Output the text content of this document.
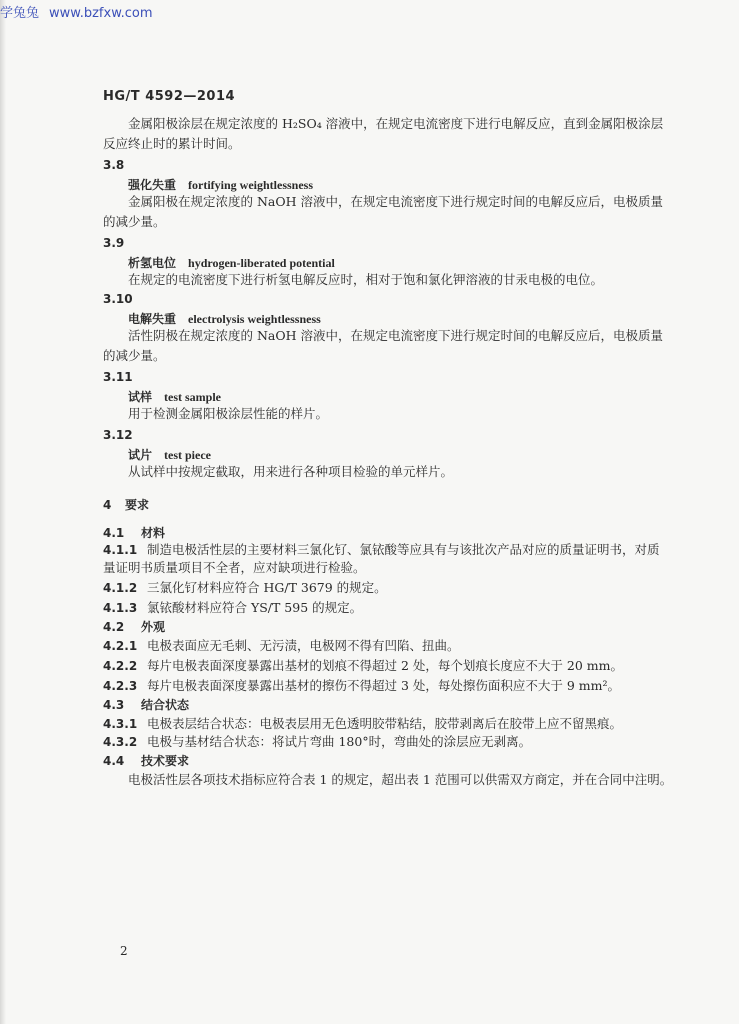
学兔兔 www.bzfxw.com
HG/T 4592—2014
金属阳极涂层在规定浓度的 H₂SO₄ 溶液中，在规定电流密度下进行电解反应，直到金属阳极涂层
反应终止时的累计时间。
3.8
强化失重 fortifying weightlessness
金属阳极在规定浓度的 NaOH 溶液中，在规定电流密度下进行规定时间的电解反应后，电极质量
的减少量。
3.9
析氢电位 hydrogen-liberated potential
在规定的电流密度下进行析氢电解反应时，相对于饱和氯化钾溶液的甘汞电极的电位。
3.10
电解失重 electrolysis weightlessness
活性阴极在规定浓度的 NaOH 溶液中，在规定电流密度下进行规定时间的电解反应后，电极质量
的减少量。
3.11
试样 test sample
用于检测金属阳极涂层性能的样片。
3.12
试片 test piece
从试样中按规定截取，用来进行各种项目检验的单元样片。
4 要求
4.1 材料
4.1.1 制造电极活性层的主要材料三氯化钌、氯铱酸等应具有与该批次产品对应的质量证明书，对质
量证明书质量项目不全者，应对缺项进行检验。
4.1.2 三氯化钌材料应符合 HG/T 3679 的规定。
4.1.3 氯铱酸材料应符合 YS/T 595 的规定。
4.2 外观
4.2.1 电极表面应无毛刺、无污渍，电极网不得有凹陷、扭曲。
4.2.2 每片电极表面深度暴露出基材的划痕不得超过 2 处，每个划痕长度应不大于 20 mm。
4.2.3 每片电极表面深度暴露出基材的擦伤不得超过 3 处，每处擦伤面积应不大于 9 mm²。
4.3 结合状态
4.3.1 电极表层结合状态：电极表层用无色透明胶带粘结，胶带剥离后在胶带上应不留黑痕。
4.3.2 电极与基材结合状态：将试片弯曲 180°时，弯曲处的涂层应无剥离。
4.4 技术要求
电极活性层各项技术指标应符合表 1 的规定，超出表 1 范围可以供需双方商定，并在合同中注明。
2
